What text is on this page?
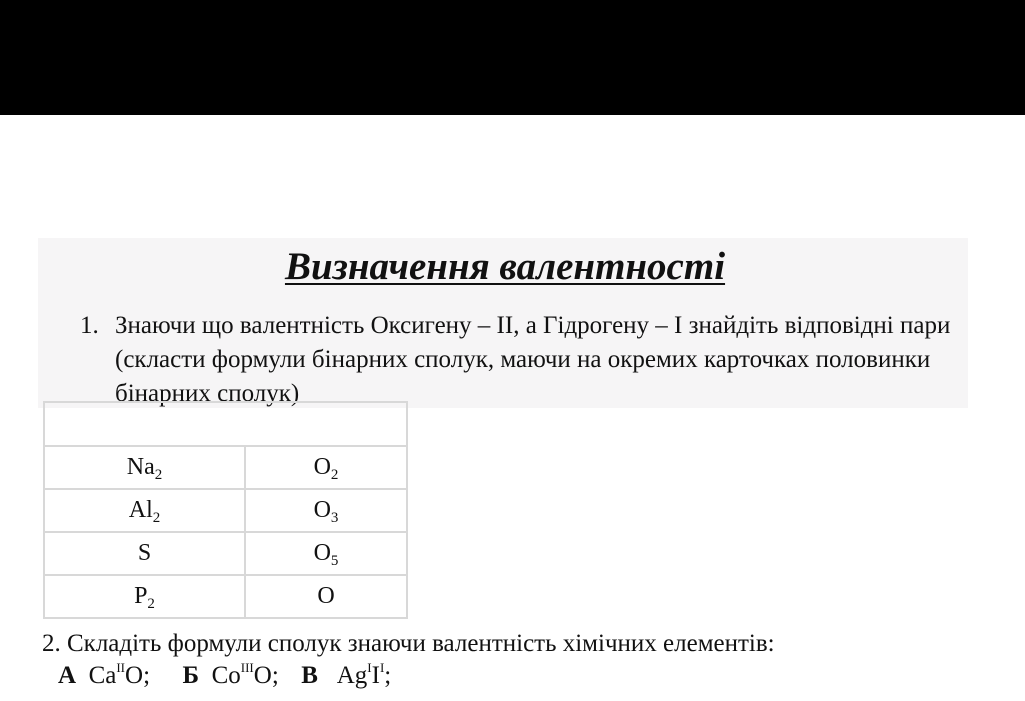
Визначення валентності
1. Знаючи що валентність Оксигену – II, а Гідрогену – I знайдіть відповідні пари (скласти формули бінарних сполук, маючи на окремих карточках половинки бінарних сполук)

$Na_2$	$O_2$
$Al_2$	$O_3$
S	$O_5$
$P_2$	O
2. Складіть формули сполук знаючи валентність хімічних елементів:
А $Ca^{II}O$; Б $Co^{III}O$; В $Ag^II^I$;
